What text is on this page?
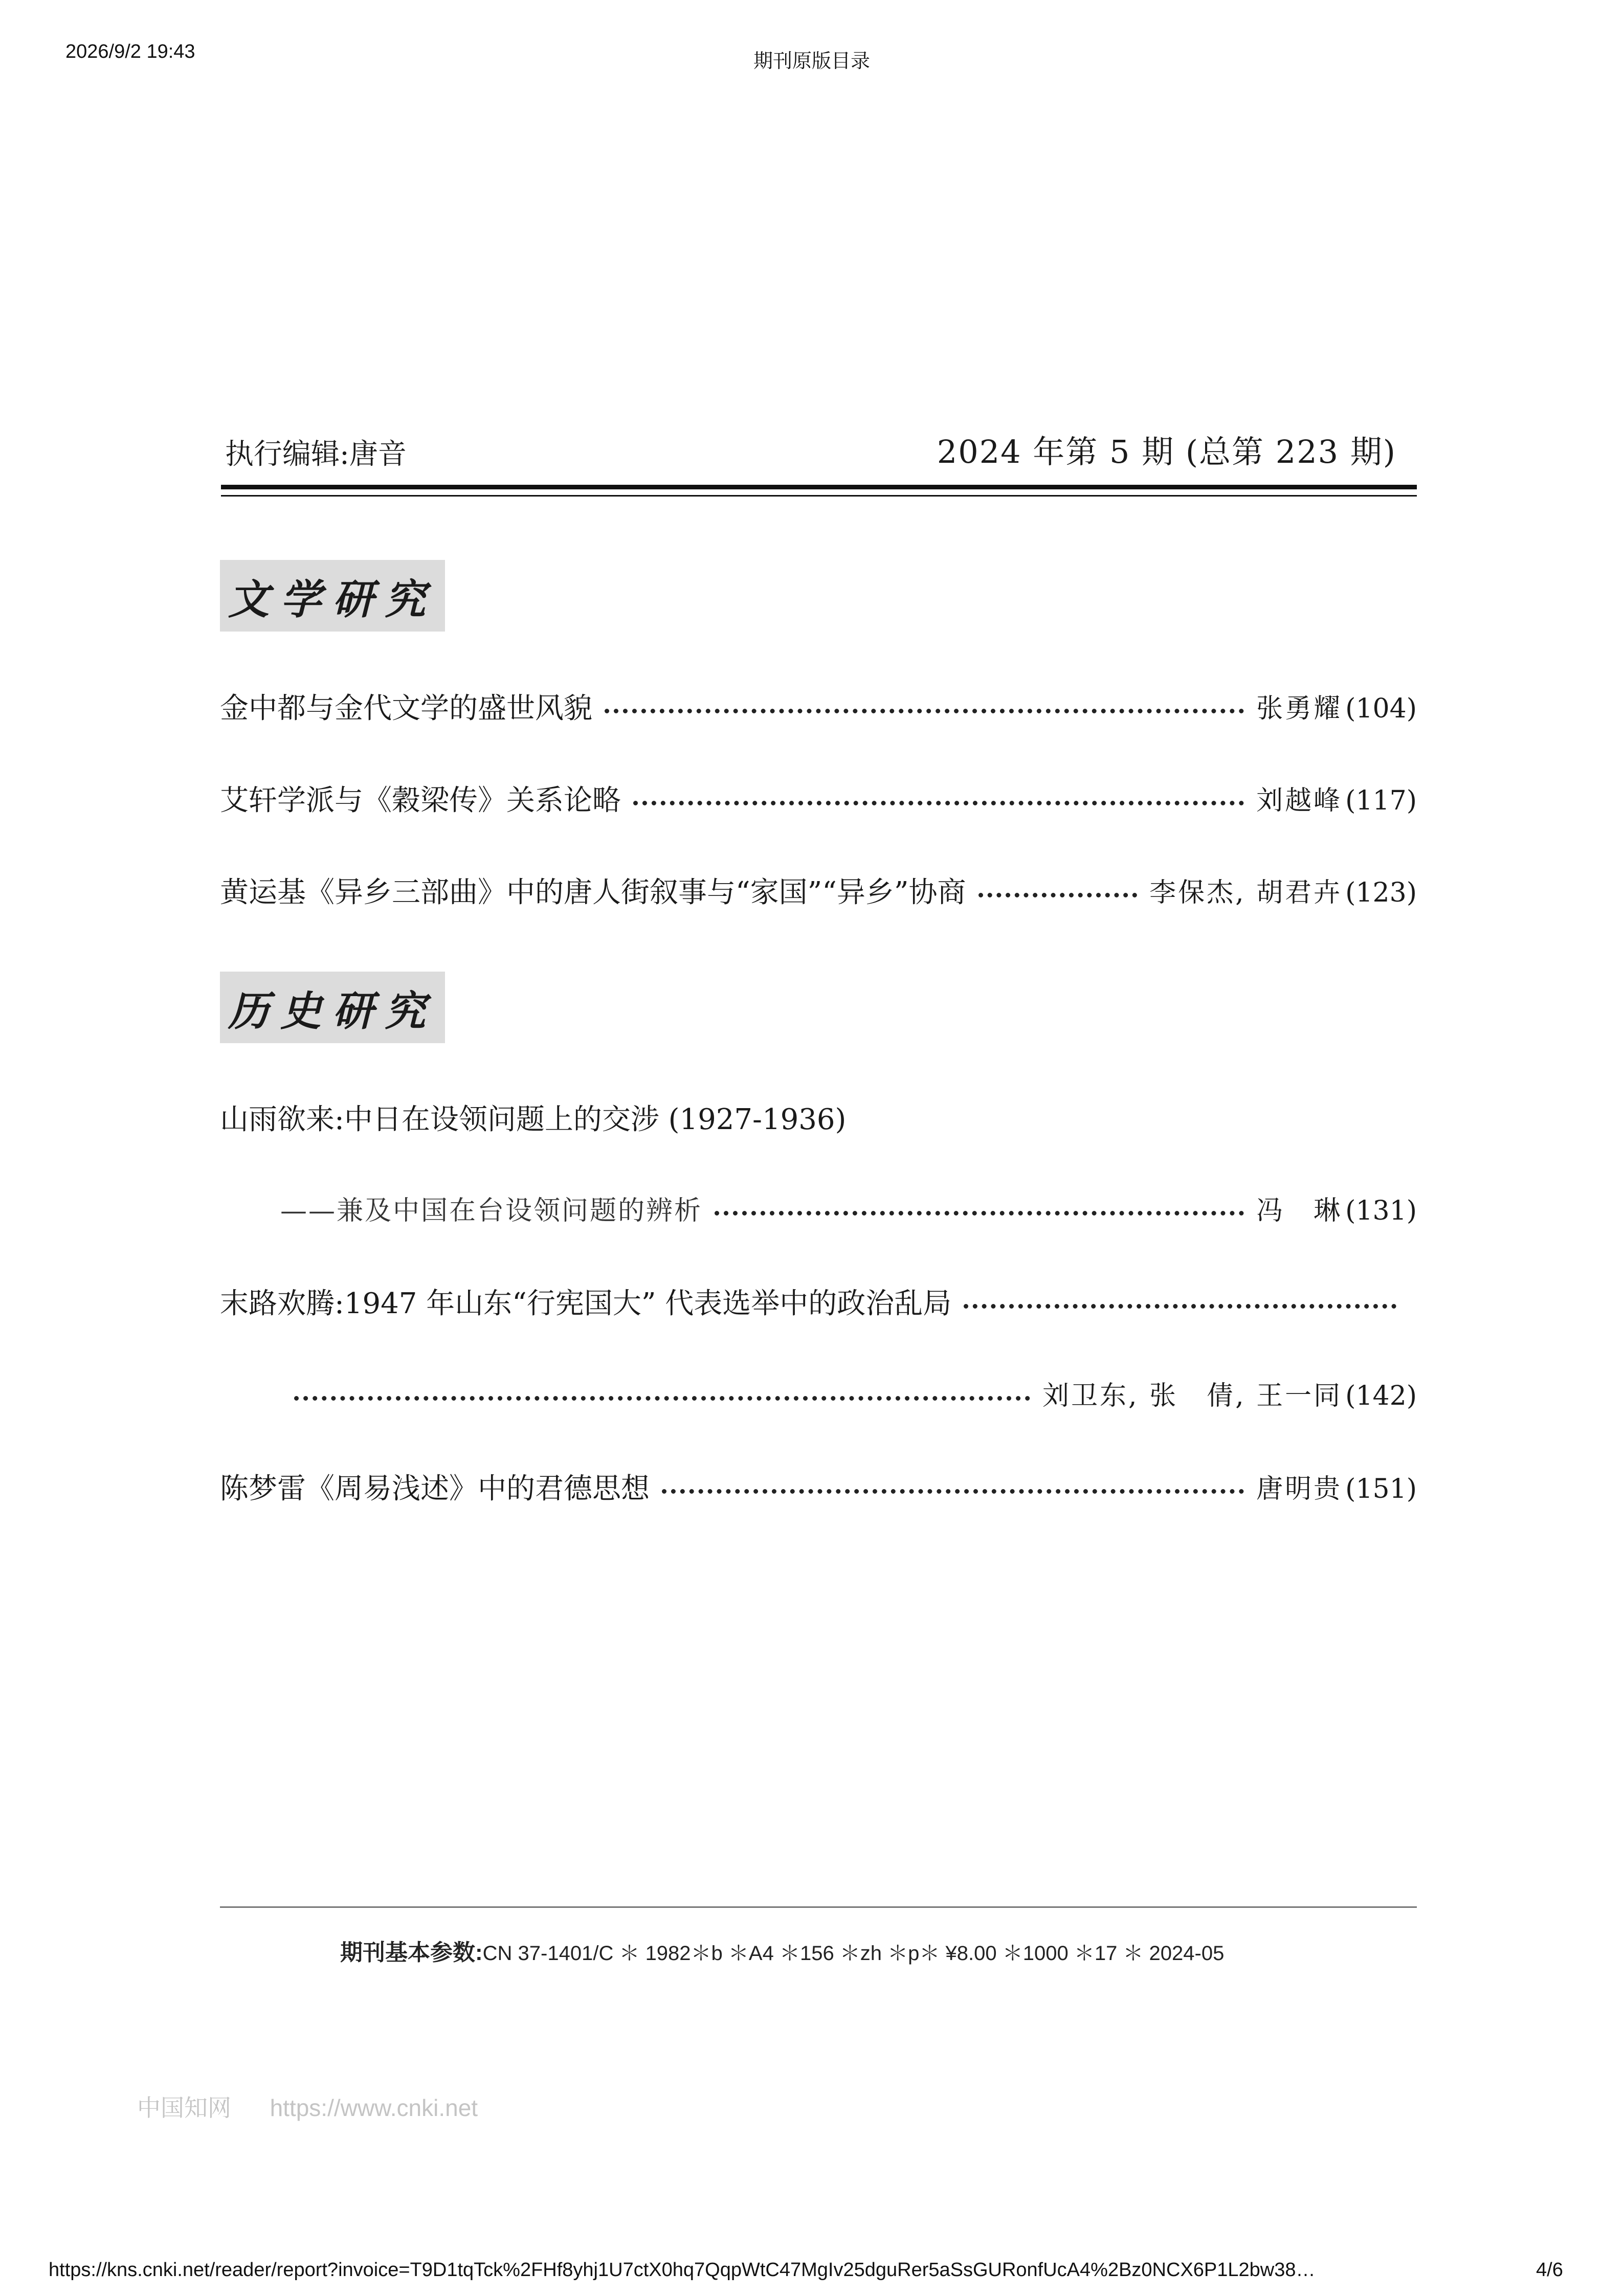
2026/9/2 19:43	期刊原版目录
执行编辑:唐音	2024 年第 5 期 (总第 223 期)
文学研究
金中都与金代文学的盛世风貌	张勇耀 (104)
艾轩学派与《穀梁传》关系论略	刘越峰 (117)
黄运基《异乡三部曲》中的唐人街叙事与“家国”“异乡”协商	李保杰, 胡君卉 (123)
历史研究
山雨欲来:中日在设领问题上的交涉 (1927-1936)
——兼及中国在台设领问题的辨析	冯　琳 (131)
末路欢腾:1947 年山东“行宪国大” 代表选举中的政治乱局
刘卫东, 张　倩, 王一同 (142)
陈梦雷《周易浅述》中的君德思想	唐明贵 (151)
期刊基本参数:CN 37-1401/C ＊ 1982＊b ＊A4 ＊156 ＊zh ＊p＊ ¥8.00 ＊1000 ＊17 ＊ 2024-05
中国知网 https://www.cnki.net
https://kns.cnki.net/reader/report?invoice=T9D1tqTck%2FHf8yhj1U7ctX0hq7QqpWtC47MgIv25dguRer5aSsGURonfUcA4%2Bz0NCX6P1L2bw38…	4/6
